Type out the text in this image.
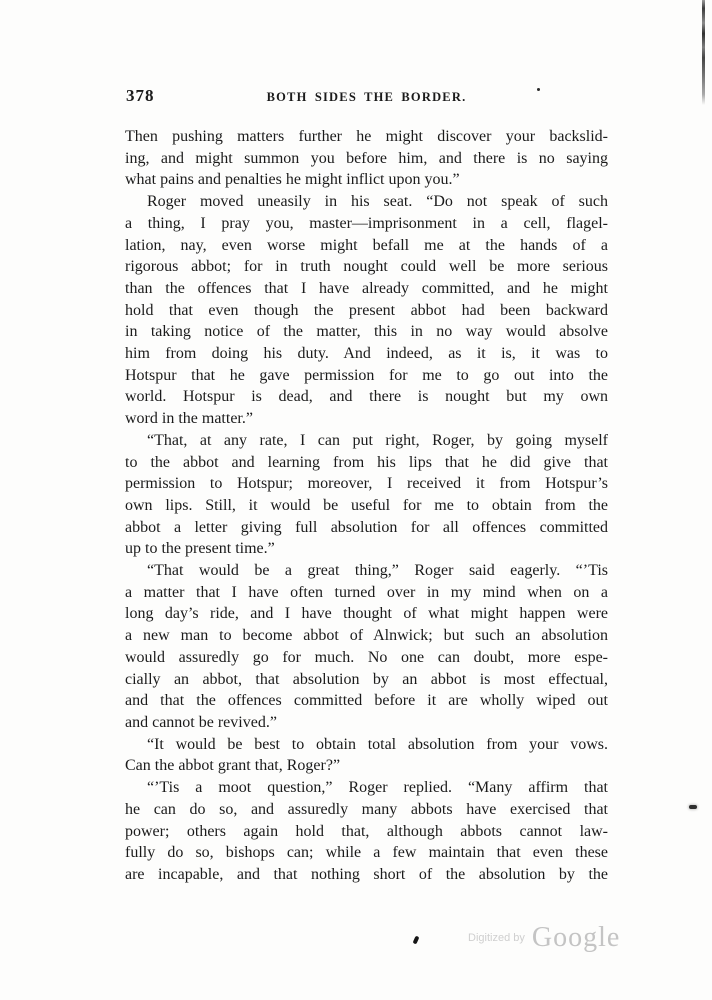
378	BOTH SIDES THE BORDER.
Then pushing matters further he might discover your backslid-
ing, and might summon you before him, and there is no saying
what pains and penalties he might inflict upon you.”
Roger moved uneasily in his seat. “Do not speak of such
a thing, I pray you, master—imprisonment in a cell, flagel-
lation, nay, even worse might befall me at the hands of a
rigorous abbot; for in truth nought could well be more serious
than the offences that I have already committed, and he might
hold that even though the present abbot had been backward
in taking notice of the matter, this in no way would absolve
him from doing his duty. And indeed, as it is, it was to
Hotspur that he gave permission for me to go out into the
world. Hotspur is dead, and there is nought but my own
word in the matter.”
“That, at any rate, I can put right, Roger, by going myself
to the abbot and learning from his lips that he did give that
permission to Hotspur; moreover, I received it from Hotspur’s
own lips. Still, it would be useful for me to obtain from the
abbot a letter giving full absolution for all offences committed
up to the present time.”
“That would be a great thing,” Roger said eagerly. “’Tis
a matter that I have often turned over in my mind when on a
long day’s ride, and I have thought of what might happen were
a new man to become abbot of Alnwick; but such an absolution
would assuredly go for much. No one can doubt, more espe-
cially an abbot, that absolution by an abbot is most effectual,
and that the offences committed before it are wholly wiped out
and cannot be revived.”
“It would be best to obtain total absolution from your vows.
Can the abbot grant that, Roger?”
“’Tis a moot question,” Roger replied. “Many affirm that
he can do so, and assuredly many abbots have exercised that
power; others again hold that, although abbots cannot law-
fully do so, bishops can; while a few maintain that even these
are incapable, and that nothing short of the absolution by the
Digitized by Google
